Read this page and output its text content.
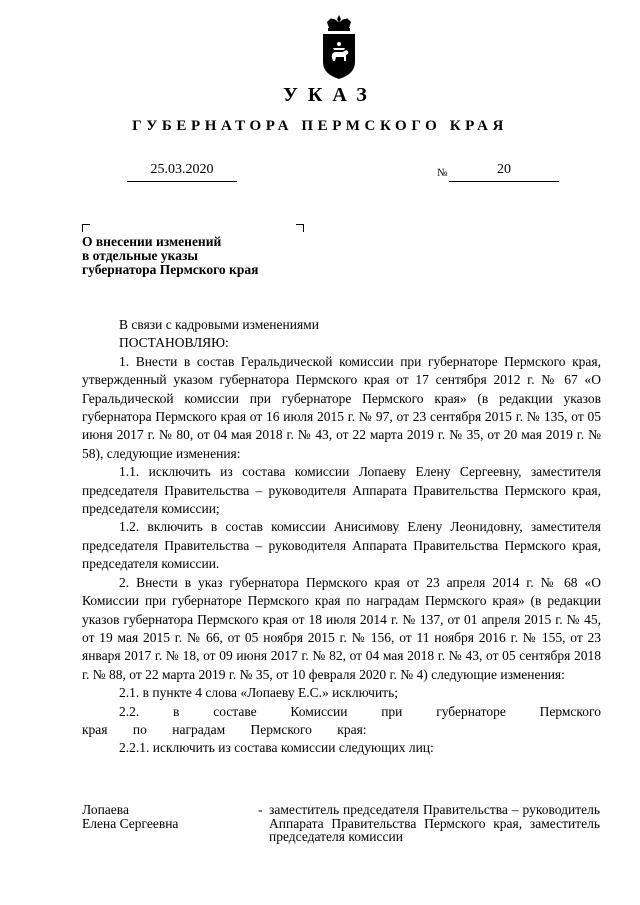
УКАЗ
ГУБЕРНАТОРА ПЕРМСКОГО КРАЯ
25.03.2020	№	20
О внесении изменений
в отдельные указы
губернатора Пермского края

В связи с кадровыми изменениями

ПОСТАНОВЛЯЮ:

1. Внести в состав Геральдической комиссии при губернаторе Пермского края, утвержденный указом губернатора Пермского края от 17 сентября 2012 г. № 67 «О Геральдической комиссии при губернаторе Пермского края» (в редакции указов губернатора Пермского края от 16 июля 2015 г. № 97, от 23 сентября 2015 г. № 135, от 05 июня 2017 г. № 80, от 04 мая 2018 г. № 43, от 22 марта 2019 г. № 35, от 20 мая 2019 г. № 58), следующие изменения:

1.1. исключить из состава комиссии Лопаеву Елену Сергеевну, заместителя председателя Правительства – руководителя Аппарата Правительства Пермского края, председателя комиссии;

1.2. включить в состав комиссии Анисимову Елену Леонидовну, заместителя председателя Правительства – руководителя Аппарата Правительства Пермского края, председателя комиссии.

2. Внести в указ губернатора Пермского края от 23 апреля 2014 г. № 68 «О Комиссии при губернаторе Пермского края по наградам Пермского края» (в редакции указов губернатора Пермского края от 18 июля 2014 г. № 137, от 01 апреля 2015 г. № 45, от 19 мая 2015 г. № 66, от 05 ноября 2015 г. № 156, от 11 ноября 2016 г. № 155, от 23 января 2017 г. № 18, от 09 июня 2017 г. № 82, от 04 мая 2018 г. № 43, от 05 сентября 2018 г. № 88, от 22 марта 2019 г. № 35, от 10 февраля 2020 г. № 4) следующие изменения:

2.1. в пункте 4 слова «Лопаеву Е.С.» исключить;

2.2. в составе Комиссии при губернаторе Пермского края по наградам Пермского края:

2.2.1. исключить из состава комиссии следующих лиц:

Лопаева
Елена Сергеевна
- заместитель председателя Правительства – руководитель Аппарата Правительства Пермского края, заместитель председателя комиссии
